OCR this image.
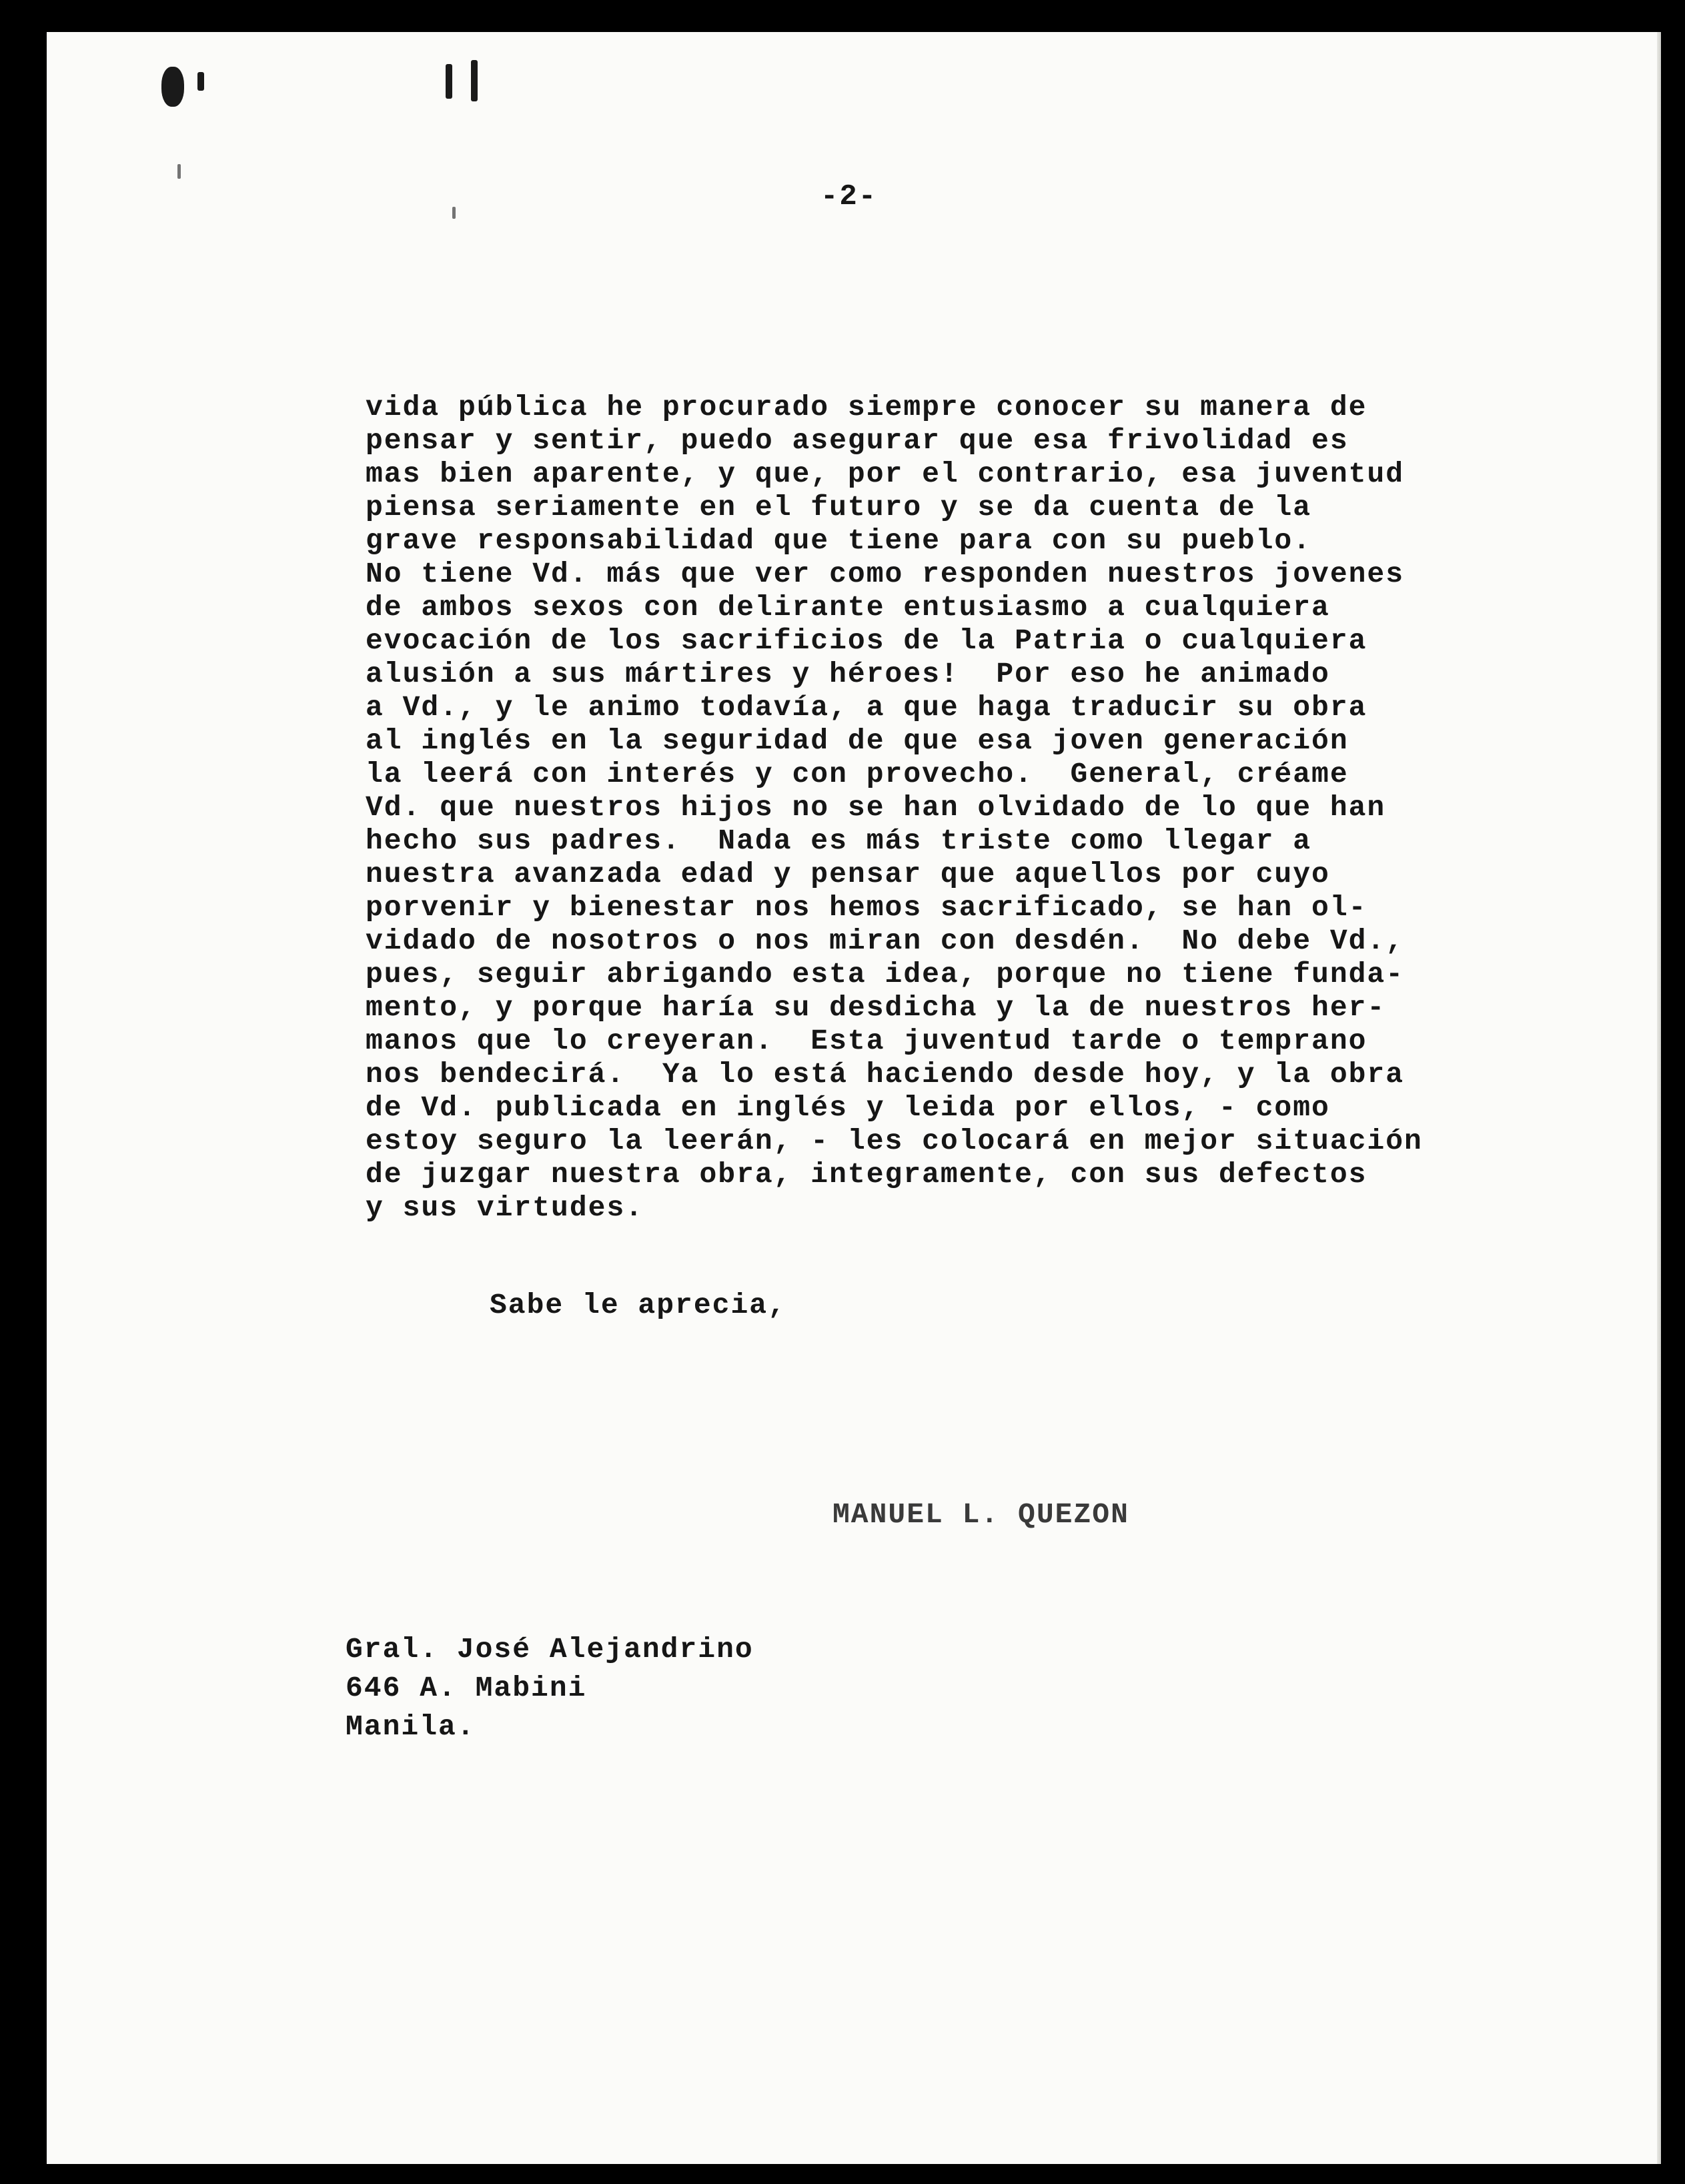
-2-
vida pública he procurado siempre conocer su manera de
pensar y sentir, puedo asegurar que esa frivolidad es
mas bien aparente, y que, por el contrario, esa juventud
piensa seriamente en el futuro y se da cuenta de la
grave responsabilidad que tiene para con su pueblo.
No tiene Vd. más que ver como responden nuestros jovenes
de ambos sexos con delirante entusiasmo a cualquiera
evocación de los sacrificios de la Patria o cualquiera
alusión a sus mártires y héroes!  Por eso he animado
a Vd., y le animo todavía, a que haga traducir su obra
al inglés en la seguridad de que esa joven generación
la leerá con interés y con provecho.  General, créame
Vd. que nuestros hijos no se han olvidado de lo que han
hecho sus padres.  Nada es más triste como llegar a
nuestra avanzada edad y pensar que aquellos por cuyo
porvenir y bienestar nos hemos sacrificado, se han ol-
vidado de nosotros o nos miran con desdén.  No debe Vd.,
pues, seguir abrigando esta idea, porque no tiene funda-
mento, y porque haría su desdicha y la de nuestros her-
manos que lo creyeran.  Esta juventud tarde o temprano
nos bendecirá.  Ya lo está haciendo desde hoy, y la obra
de Vd. publicada en inglés y leida por ellos, - como
estoy seguro la leerán, - les colocará en mejor situación
de juzgar nuestra obra, integramente, con sus defectos
y sus virtudes.
Sabe le aprecia,
MANUEL L. QUEZON
Gral. José Alejandrino
646 A. Mabini
Manila.
